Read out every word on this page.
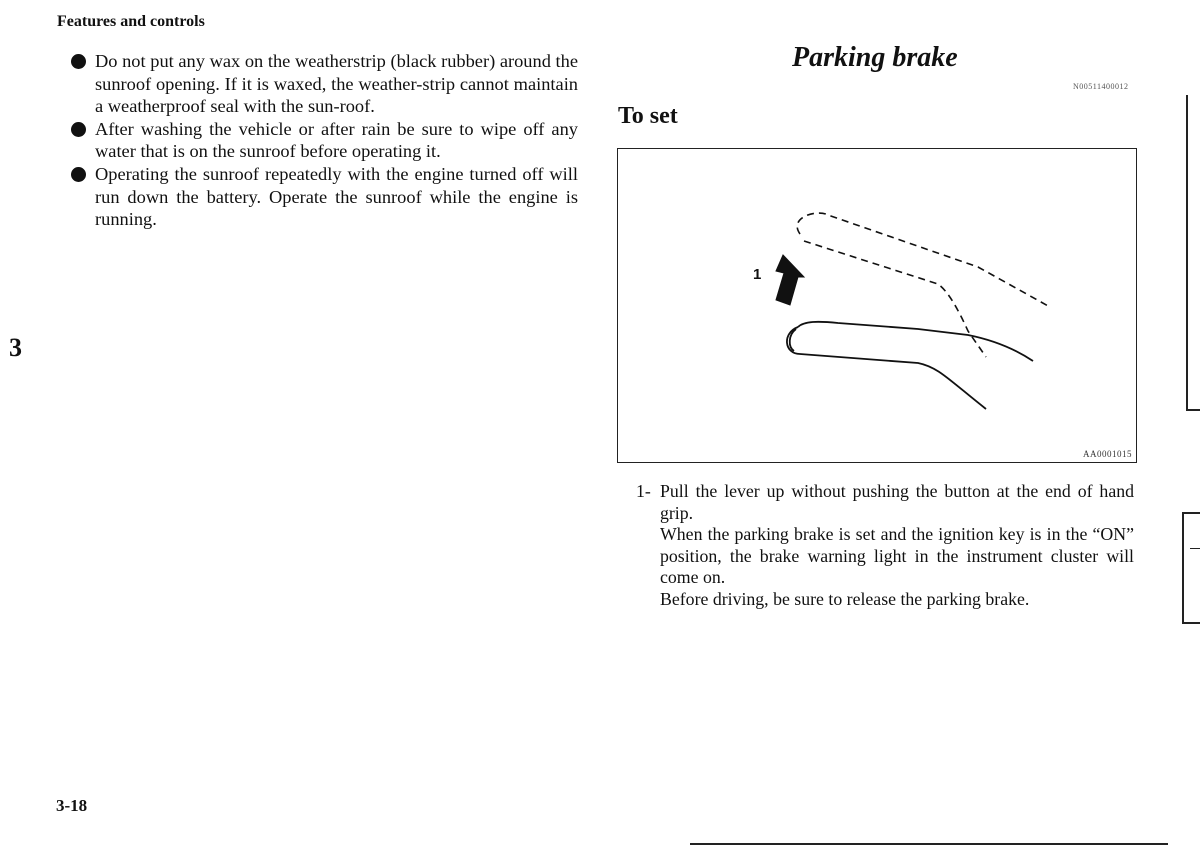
Features and controls
Do not put any wax on the weatherstrip (black rubber) around the sunroof opening. If it is waxed, the weather-strip cannot maintain a weatherproof seal with the sun-roof.
After washing the vehicle or after rain be sure to wipe off any water that is on the sunroof before operating it.
Operating the sunroof repeatedly with the engine turned off will run down the battery. Operate the sunroof while the engine is running.
3
3-18
Parking brake
N00511400012
To set
1
AA0001015
1- Pull the lever up without pushing the button at the end of hand grip.

When the parking brake is set and the ignition key is in the “ON” position, the brake warning light in the instrument cluster will come on.

Before driving, be sure to release the parking brake.
